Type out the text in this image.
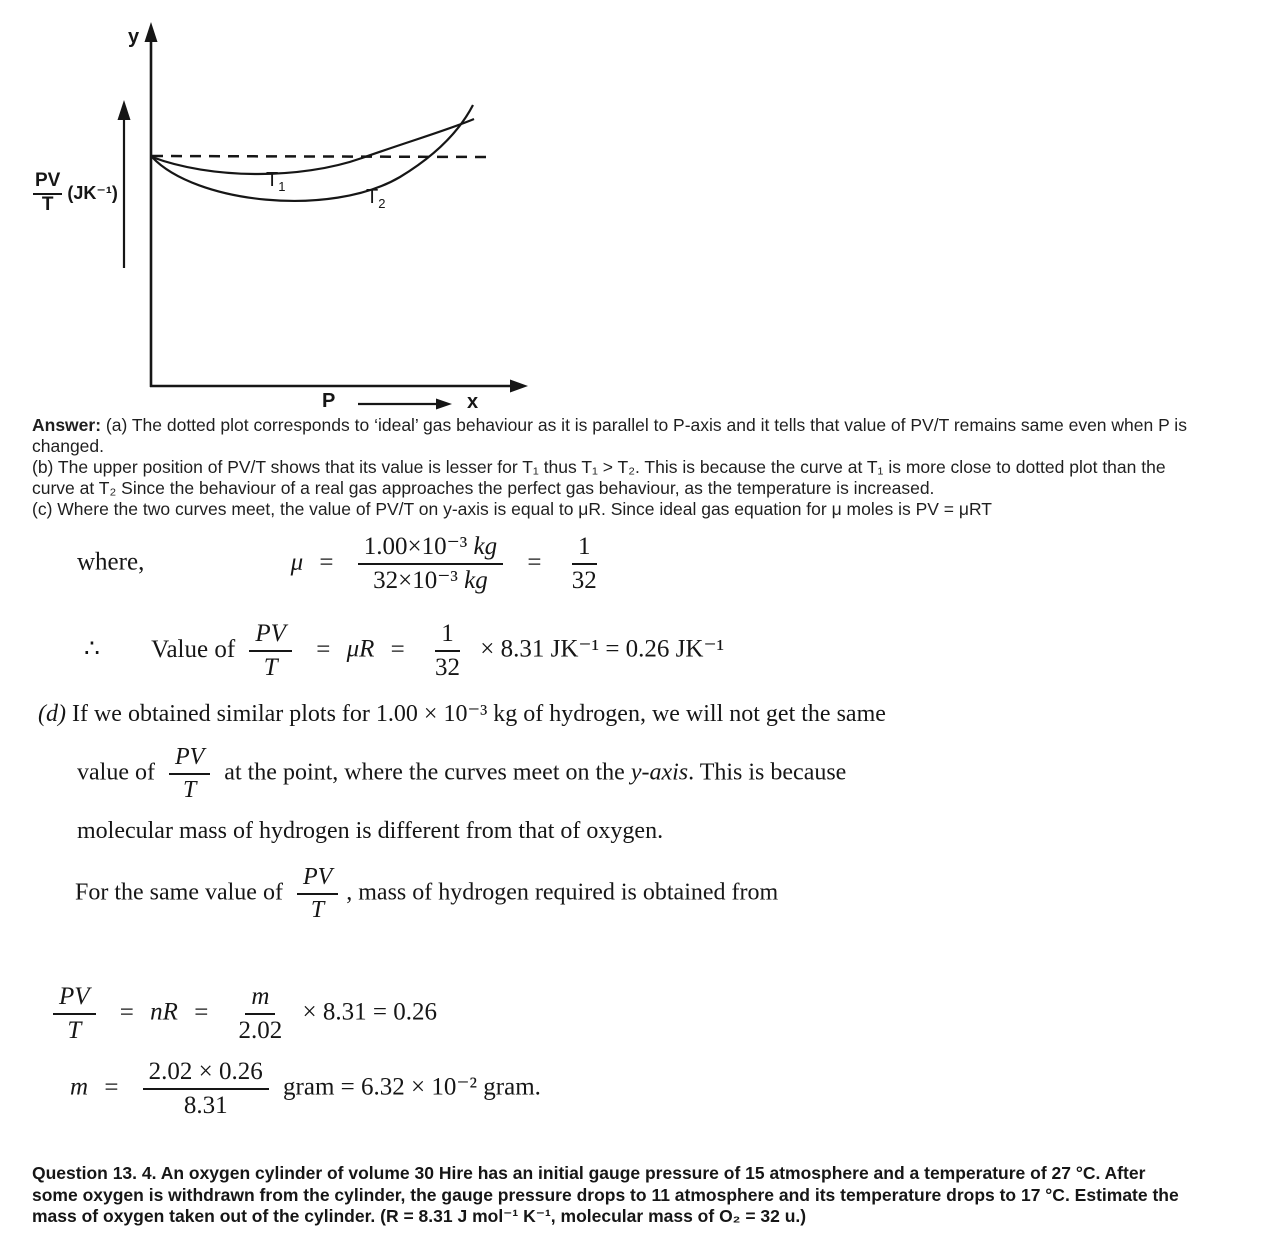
y
x
P
$T_1$	$T_2$
PV
T
(JK⁻¹)
Answer: (a) The dotted plot corresponds to ‘ideal’ gas behaviour as it is parallel to P-axis and it tells that value of PV/T remains same even when P is
changed.
(b) The upper position of PV/T shows that its value is lesser for T₁ thus T₁ > T₂. This is because the curve at T₁ is more close to dotted plot than the
curve at T₂ Since the behaviour of a real gas approaches the perfect gas behaviour, as the temperature is increased.
(c) Where the two curves meet, the value of PV/T on y-axis is equal to μR. Since ideal gas equation for μ moles is PV = μRT
where,	$\mu = \frac{\text{1.00×10⁻³ kg}}{\text{32×10⁻³ kg}} = \frac{1}{32}$
∴ Value of $\frac{PV}{T} = \mu R = \frac{1}{32} \times 8.31$ JK⁻¹ = 0.26 JK⁻¹
(d) If we obtained similar plots for 1.00 × 10⁻³ kg of hydrogen, we will not get the same
value of $\frac{PV}{T}$ at the point, where the curves meet on the y-axis. This is because
molecular mass of hydrogen is different from that of oxygen.
For the same value of $\frac{PV}{T}$ , mass of hydrogen required is obtained from
$\frac{PV}{T}$ = nR = $\frac{m}{2.02} \times 8.31 = 0.26$
$m = \frac{2.02 \times 0.26}{8.31}$ gram = 6.32 × 10⁻² gram.
Question 13. 4. An oxygen cylinder of volume 30 Hire has an initial gauge pressure of 15 atmosphere and a temperature of 27 °C. After
some oxygen is withdrawn from the cylinder, the gauge pressure drops to 11 atmosphere and its temperature drops to 17 °C. Estimate the
mass of oxygen taken out of the cylinder. (R = 8.31 J mol⁻¹ K⁻¹, molecular mass of O₂ = 32 u.)
